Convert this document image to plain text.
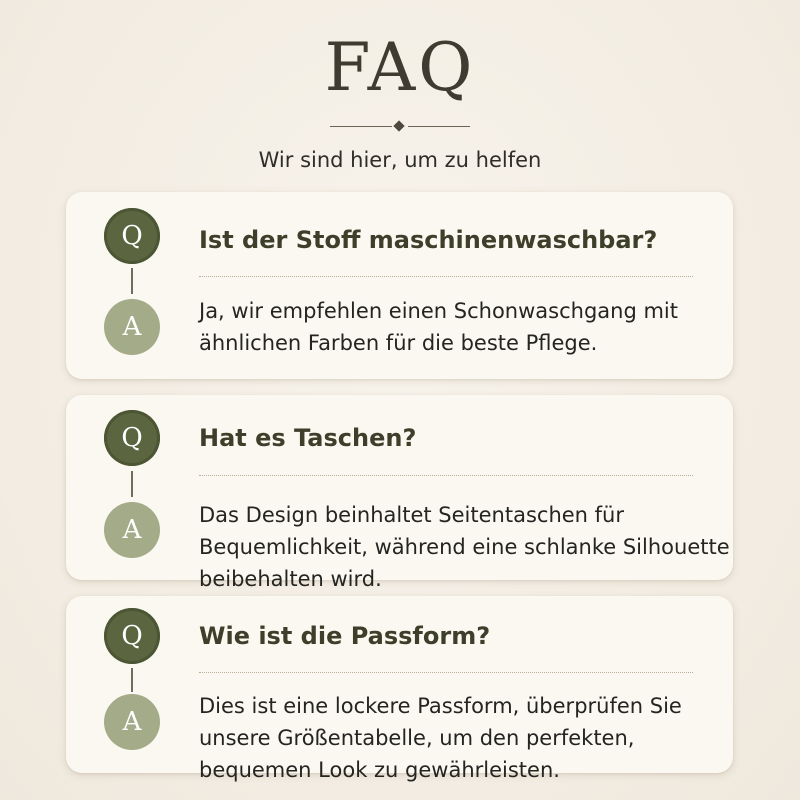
FAQ
Wir sind hier, um zu helfen
Q
A
Ist der Stoff maschinenwaschbar?
Ja, wir empfehlen einen Schonwaschgang mit
ähnlichen Farben für die beste Pflege.
Q
A
Hat es Taschen?
Das Design beinhaltet Seitentaschen für
Bequemlichkeit, während eine schlanke Silhouette
beibehalten wird.
Q
A
Wie ist die Passform?
Dies ist eine lockere Passform, überprüfen Sie
unsere Größentabelle, um den perfekten,
bequemen Look zu gewährleisten.
